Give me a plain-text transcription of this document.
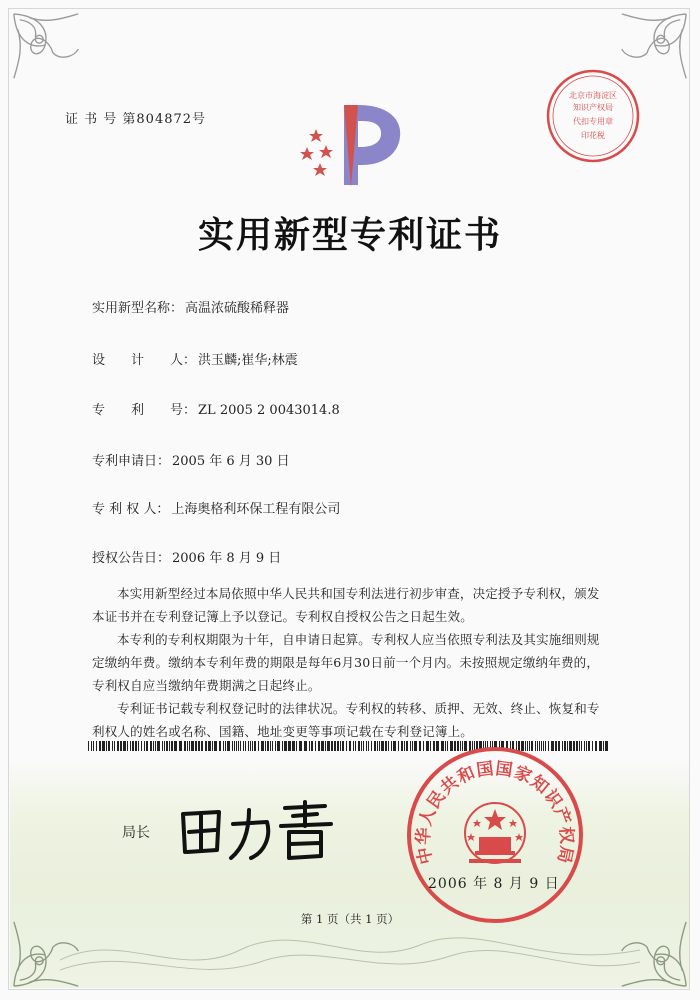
证 书 号 第804872号
北京市海淀区
知识产权局
代扣专用章
印花税
实用新型专利证书
实用新型名称： 高温浓硫酸稀释器
设　　计　　人： 洪玉麟;崔华;林震
专　　利　　号： ZL 2005 2 0043014.8
专利申请日： 2005 年 6 月 30 日
专 利 权 人： 上海奥格利环保工程有限公司
授权公告日： 2006 年 8 月 9 日

本实用新型经过本局依照中华人民共和国专利法进行初步审查，决定授予专利权，颁发本证书并在专利登记簿上予以登记。专利权自授权公告之日起生效。

本专利的专利权期限为十年，自申请日起算。专利权人应当依照专利法及其实施细则规定缴纳年费。缴纳本专利年费的期限是每年6月30日前一个月内。未按照规定缴纳年费的，专利权自应当缴纳年费期满之日起终止。

专利证书记载专利权登记时的法律状况。专利权的转移、质押、无效、终止、恢复和专利权人的姓名或名称、国籍、地址变更等事项记载在专利登记簿上。

局长
中华人民共和国国家知识产权局
2006 年 8 月 9 日
第 1 页（共 1 页）
